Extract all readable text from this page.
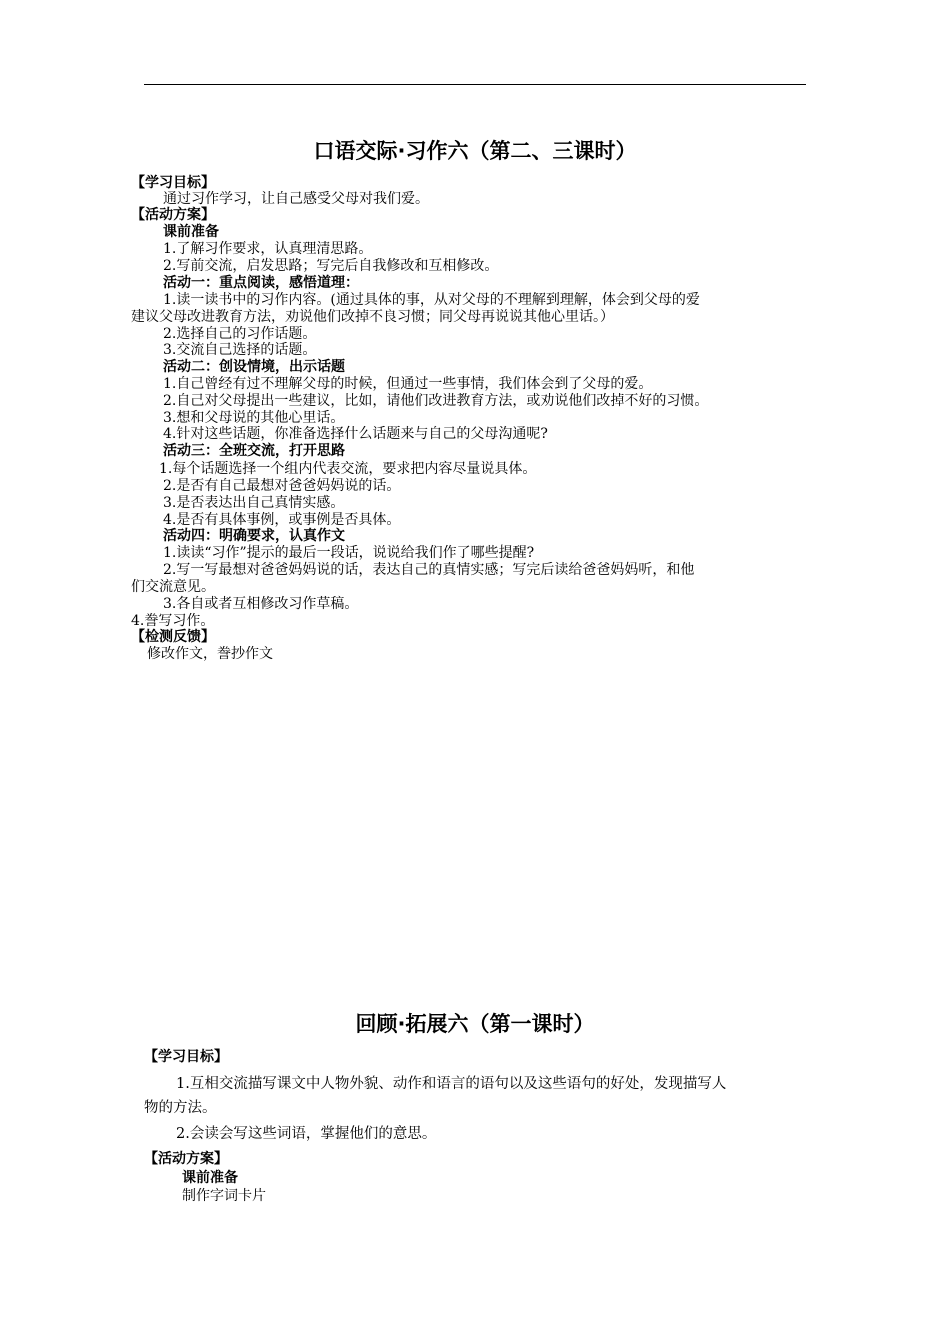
口语交际·习作六（第二、三课时）
【学习目标】
通过习作学习，让自己感受父母对我们爱。
【活动方案】
课前准备
1.了解习作要求，认真理清思路。
2.写前交流，启发思路；写完后自我修改和互相修改。
活动一：重点阅读，感悟道理：
1.读一读书中的习作内容。(通过具体的事，从对父母的不理解到理解，体会到父母的爱
建议父母改进教育方法，劝说他们改掉不良习惯；同父母再说说其他心里话。）
2.选择自己的习作话题。
3.交流自己选择的话题。
活动二：创设情境，出示话题
1.自己曾经有过不理解父母的时候，但通过一些事情，我们体会到了父母的爱。
2.自己对父母提出一些建议，比如，请他们改进教育方法，或劝说他们改掉不好的习惯。
3.想和父母说的其他心里话。
4.针对这些话题，你准备选择什么话题来与自己的父母沟通呢?
活动三：全班交流，打开思路
1.每个话题选择一个组内代表交流，要求把内容尽量说具体。
2.是否有自己最想对爸爸妈妈说的话。
3.是否表达出自己真情实感。
4.是否有具体事例，或事例是否具体。
活动四：明确要求，认真作文
1.读读“习作”提示的最后一段话，说说给我们作了哪些提醒?
2.写一写最想对爸爸妈妈说的话，表达自己的真情实感；写完后读给爸爸妈妈听，和他
们交流意见。
3.各自或者互相修改习作草稿。
4.誊写习作。
【检测反馈】
修改作文，誊抄作文
回顾·拓展六（第一课时）
【学习目标】
1.互相交流描写课文中人物外貌、动作和语言的语句以及这些语句的好处，发现描写人
物的方法。
2.会读会写这些词语，掌握他们的意思。
【活动方案】
课前准备
制作字词卡片
